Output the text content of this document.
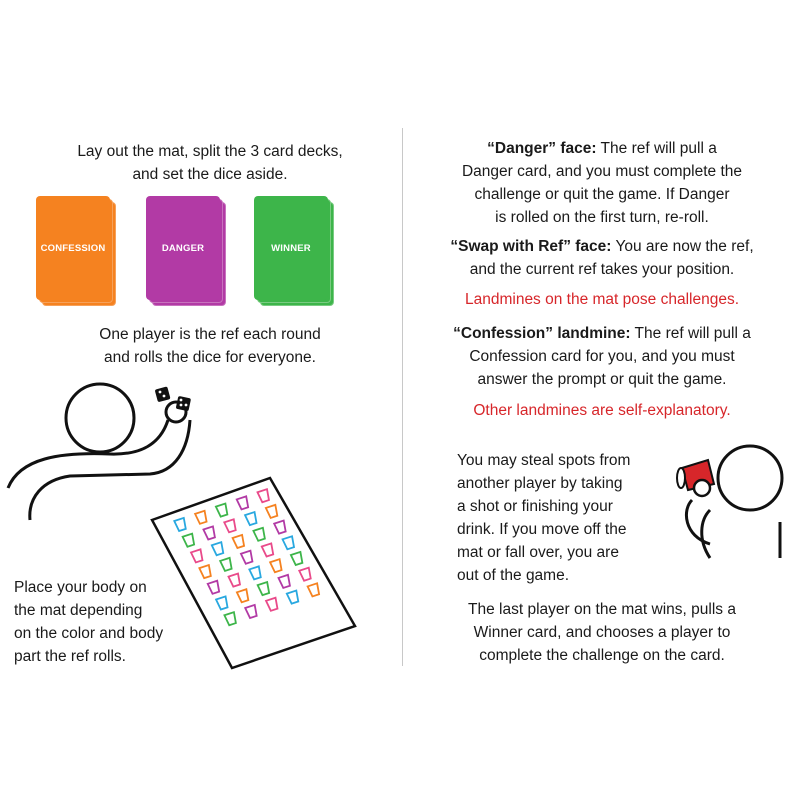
Lay out the mat, split the 3 card decks,
and set the dice aside.
CONFESSION	DANGER	WINNER
One player is the ref each round
and rolls the dice for everyone.
Place your body on
the mat depending
on the color and body
part the ref rolls.
“Danger” face: The ref will pull a
Danger card, and you must complete the
challenge or quit the game. If Danger
is rolled on the first turn, re-roll.
“Swap with Ref” face: You are now the ref,
and the current ref takes your position.
Landmines on the mat pose challenges.
“Confession” landmine: The ref will pull a
Confession card for you, and you must
answer the prompt or quit the game.
Other landmines are self-explanatory.
You may steal spots from
another player by taking
a shot or finishing your
drink. If you move off the
mat or fall over, you are
out of the game.
The last player on the mat wins, pulls a
Winner card, and chooses a player to
complete the challenge on the card.
